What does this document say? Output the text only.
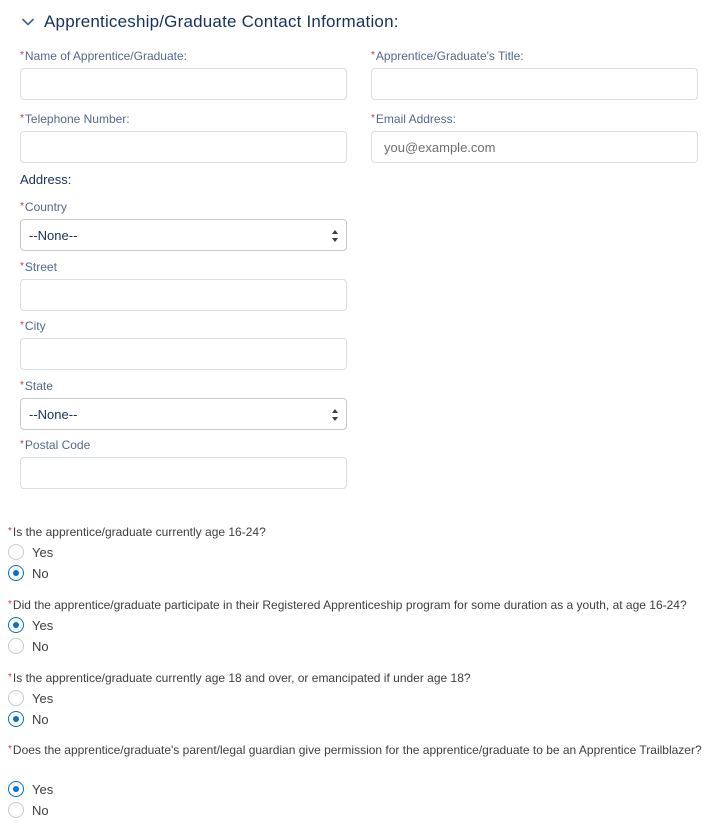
Apprenticeship/Graduate Contact Information:
*Name of Apprentice/Graduate:	*Apprentice/Graduate's Title:
*Telephone Number:	*Email Address:
you@example.com
Address:
*Country
--None--
*Street
*City
*State
--None--
*Postal Code
*Is the apprentice/graduate currently age 16-24?
Yes
No
*Did the apprentice/graduate participate in their Registered Apprenticeship program for some duration as a youth, at age 16-24?
Yes
No
*Is the apprentice/graduate currently age 18 and over, or emancipated if under age 18?
Yes
No
*Does the apprentice/graduate's parent/legal guardian give permission for the apprentice/graduate to be an Apprentice Trailblazer?
Yes
No
